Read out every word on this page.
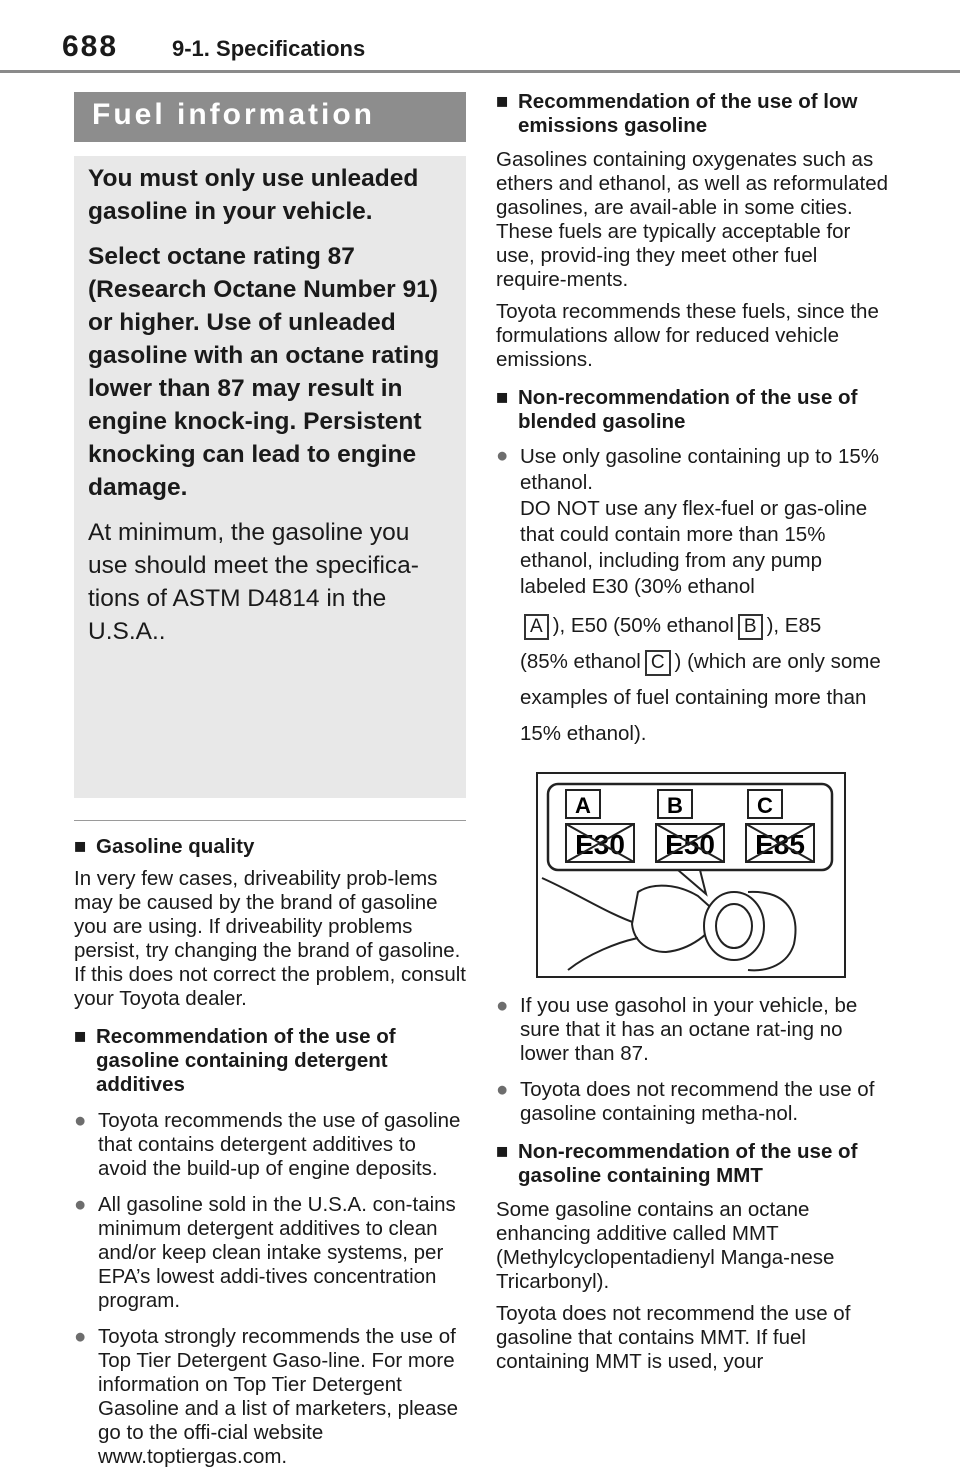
688 9-1. Specifications
Fuel information

You must only use unleaded gasoline in your vehicle.

Select octane rating 87 (Research Octane Number 91) or higher. Use of unleaded gasoline with an octane rating lower than 87 may result in engine knock-ing. Persistent knocking can lead to engine damage.

At minimum, the gasoline you use should meet the specifica-tions of ASTM D4814 in the U.S.A..

■ Gasoline quality

In very few cases, driveability prob-lems may be caused by the brand of gasoline you are using. If driveability problems persist, try changing the brand of gasoline. If this does not correct the problem, consult your Toyota dealer.

■ Recommendation of the use of gasoline containing detergent additives
● Toyota recommends the use of gasoline that contains detergent additives to avoid the build-up of engine deposits.
● All gasoline sold in the U.S.A. con-tains minimum detergent additives to clean and/or keep clean intake systems, per EPA’s lowest addi-tives concentration program.
● Toyota strongly recommends the use of Top Tier Detergent Gaso-line. For more information on Top Tier Detergent Gasoline and a list of marketers, please go to the offi-cial website www.toptiergas.com.
■ Recommendation of the use of low emissions gasoline

Gasolines containing oxygenates such as ethers and ethanol, as well as reformulated gasolines, are avail-able in some cities. These fuels are typically acceptable for use, provid-ing they meet other fuel require-ments.

Toyota recommends these fuels, since the formulations allow for reduced vehicle emissions.

■ Non-recommendation of the use of blended gasoline
● Use only gasoline containing up to 15% ethanol.
DO NOT use any flex-fuel or gas-oline that could contain more than 15% ethanol, including from any pump labeled E30 (30% ethanol
A ), E50 (50% ethanol B ), E85
(85% ethanol C ) (which are only some examples of fuel containing more than 15% ethanol).
A	B	C
E30 E50 E85
● If you use gasohol in your vehicle, be sure that it has an octane rat-ing no lower than 87.
● Toyota does not recommend the use of gasoline containing metha-nol.
■ Non-recommendation of the use of gasoline containing MMT

Some gasoline contains an octane enhancing additive called MMT (Methylcyclopentadienyl Manga-nese Tricarbonyl).

Toyota does not recommend the use of gasoline that contains MMT. If fuel containing MMT is used, your
